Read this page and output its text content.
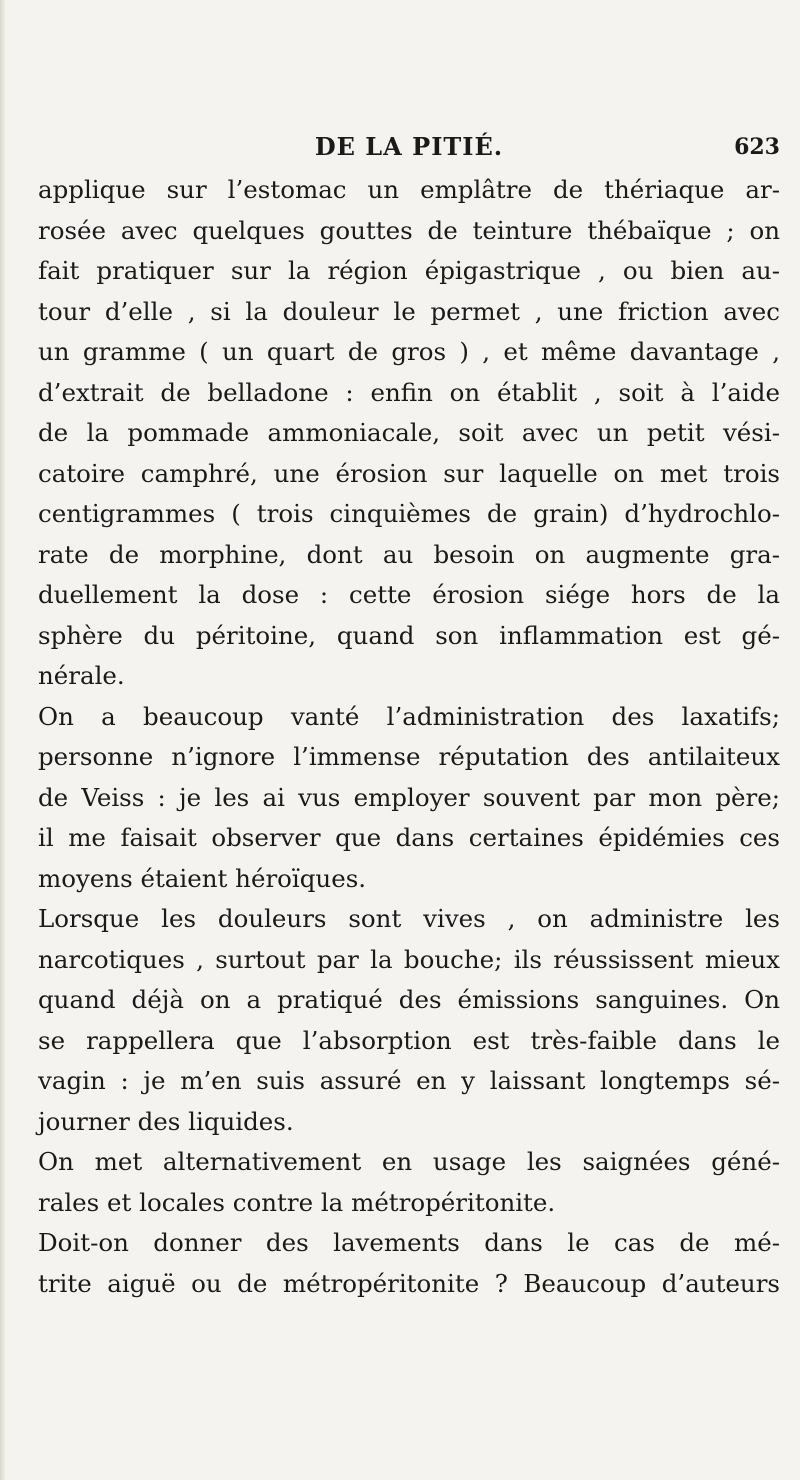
DE LA PITIÉ.	623
applique sur l’estomac un emplâtre de thériaque ar-
rosée avec quelques gouttes de teinture thébaïque ; on
fait pratiquer sur la région épigastrique , ou bien au-
tour d’elle , si la douleur le permet , une friction avec
un gramme ( un quart de gros ) , et même davantage ,
d’extrait de belladone : enfin on établit , soit à l’aide
de la pommade ammoniacale, soit avec un petit vési-
catoire camphré, une érosion sur laquelle on met trois
centigrammes ( trois cinquièmes de grain) d’hydrochlo-
rate de morphine, dont au besoin on augmente gra-
duellement la dose : cette érosion siége hors de la
sphère du péritoine, quand son inflammation est gé-
nérale.
On a beaucoup vanté l’administration des laxatifs;
personne n’ignore l’immense réputation des antilaiteux
de Veiss : je les ai vus employer souvent par mon père;
il me faisait observer que dans certaines épidémies ces
moyens étaient héroïques.
Lorsque les douleurs sont vives , on administre les
narcotiques , surtout par la bouche; ils réussissent mieux
quand déjà on a pratiqué des émissions sanguines. On
se rappellera que l’absorption est très-faible dans le
vagin : je m’en suis assuré en y laissant longtemps sé-
journer des liquides.
On met alternativement en usage les saignées géné-
rales et locales contre la métropéritonite.
Doit-on donner des lavements dans le cas de mé-
trite aiguë ou de métropéritonite ? Beaucoup d’auteurs
